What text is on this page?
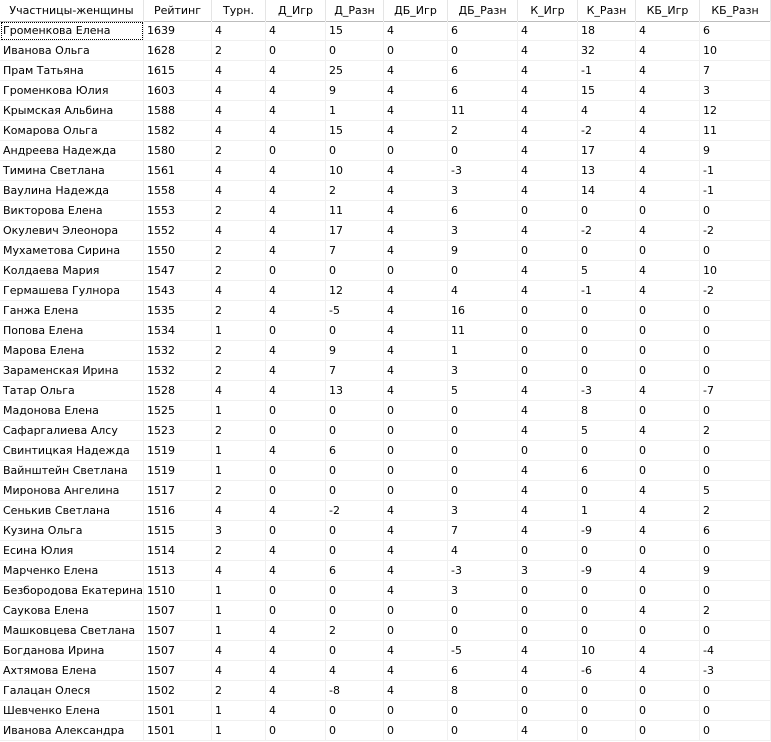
Участницы-женщины	Рейтинг	Турн.	Д_Игр	Д_Разн	ДБ_Игр	ДБ_Разн	К_Игр	К_Разн	КБ_Игр	КБ_Разн
Громенкова Елена	1639	4	4	15	4	6	4	18	4	6
Иванова Ольга	1628	2	0	0	0	0	4	32	4	10
Прам Татьяна	1615	4	4	25	4	6	4	-1	4	7
Громенкова Юлия	1603	4	4	9	4	6	4	15	4	3
Крымская Альбина	1588	4	4	1	4	11	4	4	4	12
Комарова Ольга	1582	4	4	15	4	2	4	-2	4	11
Андреева Надежда	1580	2	0	0	0	0	4	17	4	9
Тимина Светлана	1561	4	4	10	4	-3	4	13	4	-1
Ваулина Надежда	1558	4	4	2	4	3	4	14	4	-1
Викторова Елена	1553	2	4	11	4	6	0	0	0	0
Окулевич Элеонора	1552	4	4	17	4	3	4	-2	4	-2
Мухаметова Сирина	1550	2	4	7	4	9	0	0	0	0
Колдаева Мария	1547	2	0	0	0	0	4	5	4	10
Гермашева Гулнора	1543	4	4	12	4	4	4	-1	4	-2
Ганжа Елена	1535	2	4	-5	4	16	0	0	0	0
Попова Елена	1534	1	0	0	4	11	0	0	0	0
Марова Елена	1532	2	4	9	4	1	0	0	0	0
Зараменская Ирина	1532	2	4	7	4	3	0	0	0	0
Татар Ольга	1528	4	4	13	4	5	4	-3	4	-7
Мадонова Елена	1525	1	0	0	0	0	4	8	0	0
Сафаргалиева Алсу	1523	2	0	0	0	0	4	5	4	2
Свинтицкая Надежда	1519	1	4	6	0	0	0	0	0	0
Вайнштейн Светлана	1519	1	0	0	0	0	4	6	0	0
Миронова Ангелина	1517	2	0	0	0	0	4	0	4	5
Сенькив Светлана	1516	4	4	-2	4	3	4	1	4	2
Кузина Ольга	1515	3	0	0	4	7	4	-9	4	6
Есина Юлия	1514	2	4	0	4	4	0	0	0	0
Марченко Елена	1513	4	4	6	4	-3	3	-9	4	9
Безбородова Екатерина 1510	1	0	0	4	3	0	0	0	0
Саукова Елена	1507	1	0	0	0	0	0	0	4	2
Машковцева Светлана	1507	1	4	2	0	0	0	0	0	0
Богданова Ирина	1507	4	4	0	4	-5	4	10	4	-4
Ахтямова Елена	1507	4	4	4	4	6	4	-6	4	-3
Галацан Олеся	1502	2	4	-8	4	8	0	0	0	0
Шевченко Елена	1501	1	4	0	0	0	0	0	0	0
Иванова Александра	1501	1	0	0	0	0	4	0	0	0
